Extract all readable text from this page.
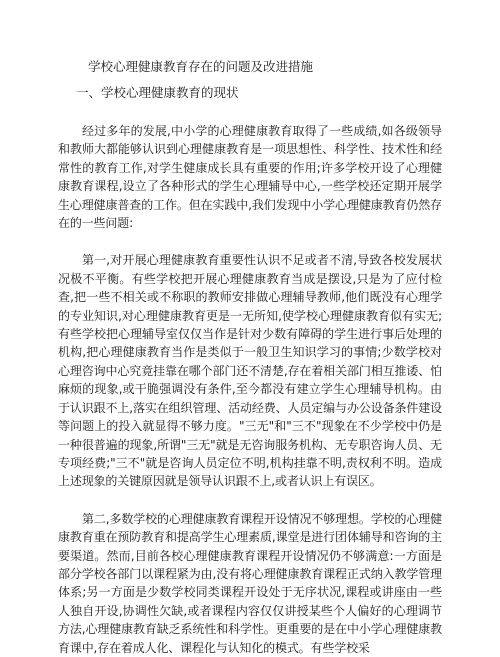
学校心理健康教育存在的问题及改进措施
一、学校心理健康教育的现状

经过多年的发展,中小学的心理健康教育取得了一些成绩,如各级领导和教师大都能够认识到心理健康教育是一项思想性、科学性、技术性和经常性的教育工作,对学生健康成长具有重要的作用;许多学校开设了心理健康教育课程,设立了各种形式的学生心理辅导中心,一些学校还定期开展学生心理健康普查的工作。但在实践中,我们发现中小学心理健康教育仍然存在的一些问题:

第一,对开展心理健康教育重要性认识不足或者不清,导致各校发展状况极不平衡。有些学校把开展心理健康教育当成是摆设,只是为了应付检查,把一些不相关或不称职的教师安排做心理辅导教师,他们既没有心理学的专业知识,对心理健康教育更是一无所知,使学校心理健康教育似有实无;有些学校把心理辅导室仅仅当作是针对少数有障碍的学生进行事后处理的机构,把心理健康教育当作是类似于一般卫生知识学习的事情;少数学校对心理咨询中心究竟挂靠在哪个部门还不清楚,存在着相关部门相互推诿、怕麻烦的现象,或干脆强调没有条件,至今都没有建立学生心理辅导机构。由于认识跟不上,落实在组织管理、活动经费、人员定编与办公设备条件建设等问题上的投入就显得不够力度。"三无"和"三不"现象在不少学校中仍是一种很普遍的现象,所谓"三无"就是无咨询服务机构、无专职咨询人员、无专项经费;"三不"就是咨询人员定位不明,机构挂靠不明,责权利不明。造成上述现象的关键原因就是领导认识跟不上,或者认识上有误区。

第二,多数学校的心理健康教育课程开设情况不够理想。学校的心理健康教育重在预防教育和提高学生心理素质,课堂是进行团体辅导和咨询的主要渠道。然而,目前各校心理健康教育课程开设情况仍不够满意:一方面是部分学校各部门以课程紧为由,没有将心理健康教育课程正式纳入教学管理体系;另一方面是少数学校同类课程开设处于无序状况,课程或讲座由一些人独自开设,协调性欠缺,或者课程内容仅仅讲授某些个人偏好的心理调节方法,心理健康教育缺乏系统性和科学性。更重要的是在中小学心理健康教育课中,存在着成人化、课程化与认知化的模式。有些学校采
